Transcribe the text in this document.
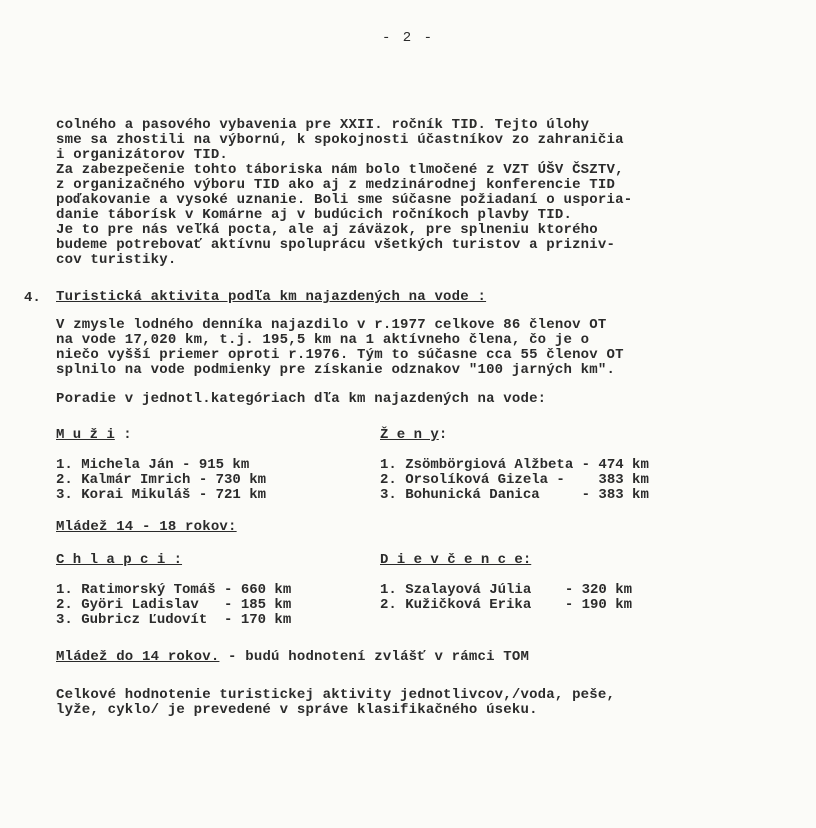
- 2 -
colného a pasového vybavenia pre XXII. ročník TID. Tejto úlohy
sme sa zhostili na výbornú, k spokojnosti účastníkov zo zahraničia
i organizátorov TID.
Za zabezpečenie tohto táboriska nám bolo tlmočené z VZT ÚŠV ČSZTV,
z organizačného výboru TID ako aj z medzinárodnej konferencie TID
poďakovanie a vysoké uznanie. Boli sme súčasne požiadaní o usporia-
danie táborísk v Komárne aj v budúcich ročníkoch plavby TID.
Je to pre nás veľká pocta, ale aj záväzok, pre splneniu ktorého
budeme potrebovať aktívnu spoluprácu všetkých turistov a prizniv-
cov turistiky.
4. Turistická aktivita podľa km najazdených na vode :
V zmysle lodného denníka najazdilo v r.1977 celkove 86 členov OT
na vode 17,020 km, t.j. 195,5 km na 1 aktívneho člena, čo je o
niečo vyšší priemer oproti r.1976. Tým to súčasne cca 55 členov OT
splnilo na vode podmienky pre získanie odznakov "100 jarných km".
Poradie v jednotl.kategóriach dľa km najazdených na vode:
M u ž i :	Ž e n y:
1. Michela Ján - 915 km
2. Kalmár Imrich - 730 km
3. Korai Mikuláš - 721 km
1. Zsömbörgiová Alžbeta - 474 km
2. Orsolíková Gizela -    383 km
3. Bohunická Danica     - 383 km
Mládež 14 - 18 rokov:
C h l a p c i :	D i e v č e n c e:
1. Ratimorský Tomáš - 660 km
2. Györi Ladislav   - 185 km
3. Gubricz Ľudovít  - 170 km
1. Szalayová Júlia    - 320 km
2. Kužičková Erika    - 190 km
Mládež do 14 rokov. - budú hodnotení zvlášť v rámci TOM
Celkové hodnotenie turistickej aktivity jednotlivcov,/voda, peše,
lyže, cyklo/ je prevedené v správe klasifikačného úseku.
